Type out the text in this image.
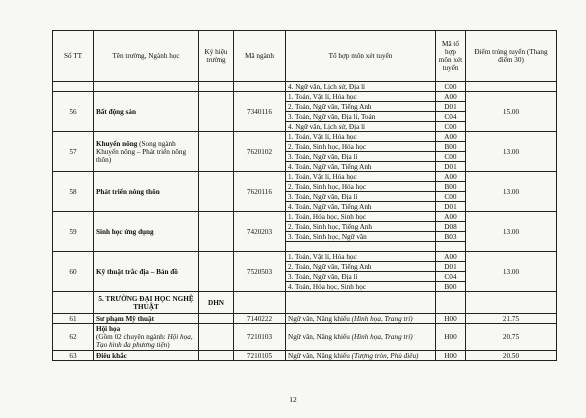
Số TT	Tên trường, Ngành học	Ký hiệu trường	Mã ngành	Tổ hợp môn xét tuyển	Mã tổ hợp môn xét tuyển	Điểm trúng tuyển (Thang điểm 30)
				4. Ngữ văn, Lịch sử, Địa lí	C00	
56	Bất động sản		7340116	1. Toán, Vật lí, Hóa học	A00	15.00
				2. Toán, Ngữ văn, Tiếng Anh	D01	
				3. Toán, Ngữ văn, Địa lí, Toán	C04	
				4. Ngữ văn, Lịch sử, Địa lí	C00	
57	Khuyến nông (Song ngành Khuyến nông – Phát triển nông thôn)		7620102	1. Toán, Vật lí, Hóa học	A00	13.00
				2. Toán, Sinh học, Hóa học	B00	
				3. Toán, Ngữ văn, Địa lí	C00	
				4. Toán, Ngữ văn, Tiếng Anh	D01	
58	Phát triển nông thôn		7620116	1. Toán, Vật lí, Hóa học	A00	13.00
				2. Toán, Sinh học, Hóa học	B00	
				3. Toán, Ngữ văn, Địa lí	C00	
				4. Toán, Ngữ văn, Tiếng Anh	D01	
59	Sinh học ứng dụng		7420203	1. Toán, Hóa học, Sinh học	A00	13.00
				2. Toán, Sinh học, Tiếng Anh	D08	
				3. Toán, Sinh học, Ngữ văn	B03	

60	Kỹ thuật trắc địa – Bản đồ		7520503	1. Toán, Vật lí, Hóa học	A00	13.00
				2. Toán, Ngữ văn, Tiếng Anh	D01	
				3. Toán, Ngữ văn, Địa lí	C04	
				4. Toán, Hóa học, Sinh học	B00	
	5. TRƯỜNG ĐẠI HỌC NGHỆ THUẬT	DHN				
61	Sư phạm Mỹ thuật		7140222	Ngữ văn, Năng khiếu (Hình họa, Trang trí)	H00	21.75
62	Hội họa
(Gồm 02 chuyên ngành: Hội họa, Tạo hình đa phương tiện)		7210103	Ngữ văn, Năng khiếu (Hình họa, Trang trí)	H00	20.75
63	Điêu khắc		7210105	Ngữ văn, Năng khiếu (Tượng tròn, Phù điêu)	H00	20.50
12
